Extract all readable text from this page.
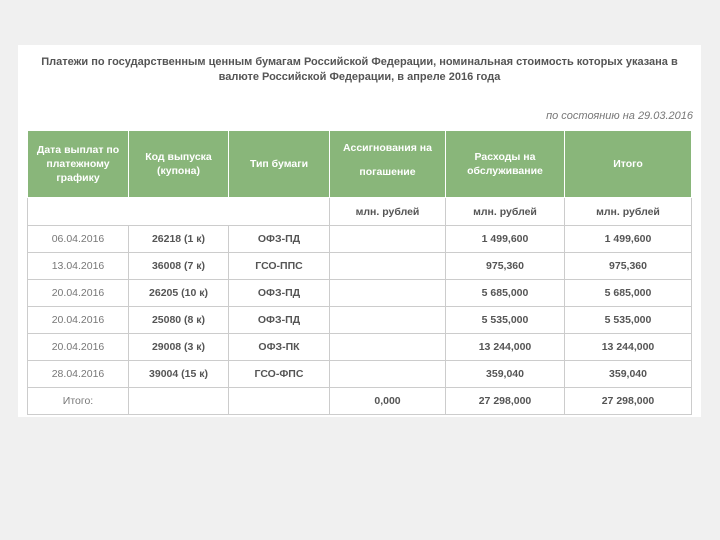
Платежи по государственным ценным бумагам Российской Федерации, номинальная стоимость которых указана в
валюте Российской Федерации, в апреле 2016 года
по состоянию на 29.03.2016
Дата выплат по платежному графику	Код выпуска (купона)	Тип бумаги	Ассигнования на
погашение	Расходы на обслуживание	Итого
			млн. рублей	млн. рублей	млн. рублей
06.04.2016	26218 (1 к)	ОФЗ-ПД		1 499,600	1 499,600
13.04.2016	36008 (7 к)	ГСО-ППС		975,360	975,360
20.04.2016	26205 (10 к)	ОФЗ-ПД		5 685,000	5 685,000
20.04.2016	25080 (8 к)	ОФЗ-ПД		5 535,000	5 535,000
20.04.2016	29008 (3 к)	ОФЗ-ПК		13 244,000	13 244,000
28.04.2016	39004 (15 к)	ГСО-ФПС		359,040	359,040
Итого:			0,000	27 298,000	27 298,000
